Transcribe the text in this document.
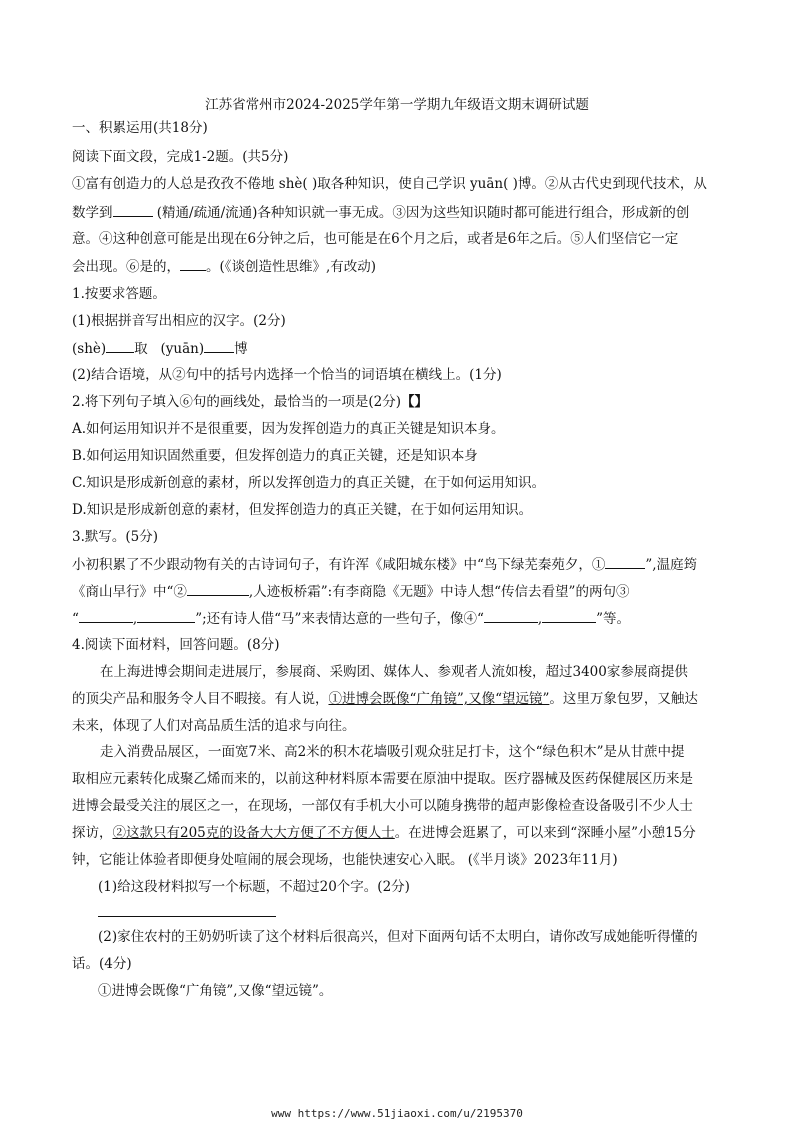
江苏省常州市2024-2025学年第一学期九年级语文期末调研试题
一、积累运用(共18分)
阅读下面文段，完成1-2题。(共5分)
①富有创造力的人总是孜孜不倦地 shè( )取各种知识，使自己学识 yuān( )博。②从古代史到现代技术，从
数学到	(精通/疏通/流通)各种知识就一事无成。③因为这些知识随时都可能进行组合，形成新的创
意。④这种创意可能是出现在6分钟之后，也可能是在6个月之后，或者是6年之后。⑤人们坚信它一定
会出现。⑥是的， 。(《谈创造性思维》,有改动)
1.按要求答题。
(1)根据拼音写出相应的汉字。(2分)
(shè) 取 (yuān) 博
(2)结合语境，从②句中的括号内选择一个恰当的词语填在横线上。(1分)
2.将下列句子填入⑥句的画线处，最恰当的一项是(2分)【】
A.如何运用知识并不是很重要，因为发挥创造力的真正关键是知识本身。
B.如何运用知识固然重要，但发挥创造力的真正关键，还是知识本身
C.知识是形成新创意的素材，所以发挥创造力的真正关键，在于如何运用知识。
D.知识是形成新创意的素材，但发挥创造力的真正关键，在于如何运用知识。
3.默写。(5分)
小初积累了不少跟动物有关的古诗词句子，有许浑《咸阳城东楼》中“鸟下绿芜秦苑夕，①	”,温庭筠
《商山早行》中“②	,人迹板桥霜”:有李商隐《无题》中诗人想“传信去看望”的两句③
“	,	”;还有诗人借“马”来表情达意的一些句子，像④“	,	”等。
4.阅读下面材料，回答问题。(8分)
在上海进博会期间走进展厅，参展商、采购团、媒体人、参观者人流如梭，超过3400家参展商提供
的顶尖产品和服务令人目不暇接。有人说，①进博会既像“广角镜”,又像“望远镜”。这里万象包罗，又触达
未来，体现了人们对高品质生活的追求与向往。
走入消费品展区，一面宽7米、高2米的积木花墙吸引观众驻足打卡，这个“绿色积木”是从甘蔗中提
取相应元素转化成聚乙烯而来的，以前这种材料原本需要在原油中提取。医疗器械及医药保健展区历来是
进博会最受关注的展区之一，在现场，一部仅有手机大小可以随身携带的超声影像检查设备吸引不少人士
探访，②这款只有205克的设备大大方便了不方便人士。在进博会逛累了，可以来到“深睡小屋”小憩15分
钟，它能让体验者即便身处喧闹的展会现场，也能快速安心入眠。 (《半月谈》2023年11月)
(1)给这段材料拟写一个标题，不超过20个字。(2分)
(2)家住农村的王奶奶听读了这个材料后很高兴，但对下面两句话不太明白，请你改写成她能听得懂的
话。(4分)
①进博会既像“广角镜”,又像“望远镜”。
www https://www.51jiaoxi.com/u/2195370
